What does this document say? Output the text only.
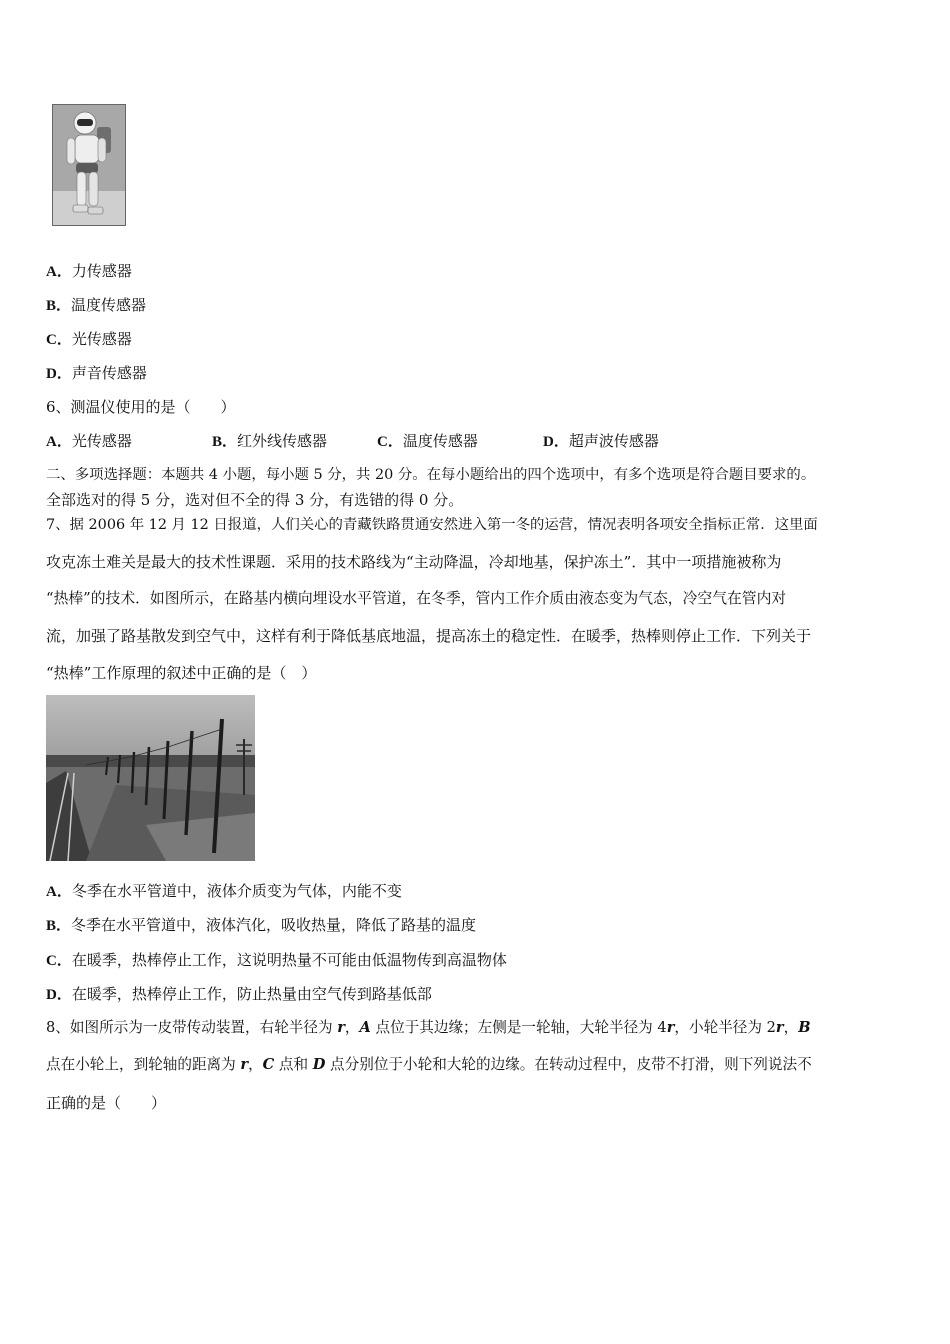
A．力传感器
B．温度传感器
C．光传感器
D．声音传感器
6、测温仪使用的是（　　）
A．光传感器	B．红外线传感器	C．温度传感器	D．超声波传感器
二、多项选择题：本题共 4 小题，每小题 5 分，共 20 分。在每小题给出的四个选项中，有多个选项是符合题目要求的。
全部选对的得 5 分，选对但不全的得 3 分，有选错的得 0 分。
7、据 2006 年 12 月 12 日报道，人们关心的青藏铁路贯通安然进入第一冬的运营，情况表明各项安全指标正常．这里面
攻克冻土难关是最大的技术性课题．采用的技术路线为“主动降温，冷却地基，保护冻土”．其中一项措施被称为
“热棒”的技术．如图所示，在路基内横向埋设水平管道，在冬季，管内工作介质由液态变为气态，冷空气在管内对
流，加强了路基散发到空气中，这样有利于降低基底地温，提高冻土的稳定性．在暖季，热棒则停止工作．下列关于
“热棒”工作原理的叙述中正确的是（　）
A．冬季在水平管道中，液体介质变为气体，内能不变
B．冬季在水平管道中，液体汽化，吸收热量，降低了路基的温度
C．在暖季，热棒停止工作，这说明热量不可能由低温物传到高温物体
D．在暖季，热棒停止工作，防止热量由空气传到路基低部
8、如图所示为一皮带传动装置，右轮半径为 r，A 点位于其边缘；左侧是一轮轴，大轮半径为 4r，小轮半径为 2r，B
点在小轮上，到轮轴的距离为 r，C 点和 D 点分别位于小轮和大轮的边缘。在转动过程中，皮带不打滑，则下列说法不
正确的是（　　）
